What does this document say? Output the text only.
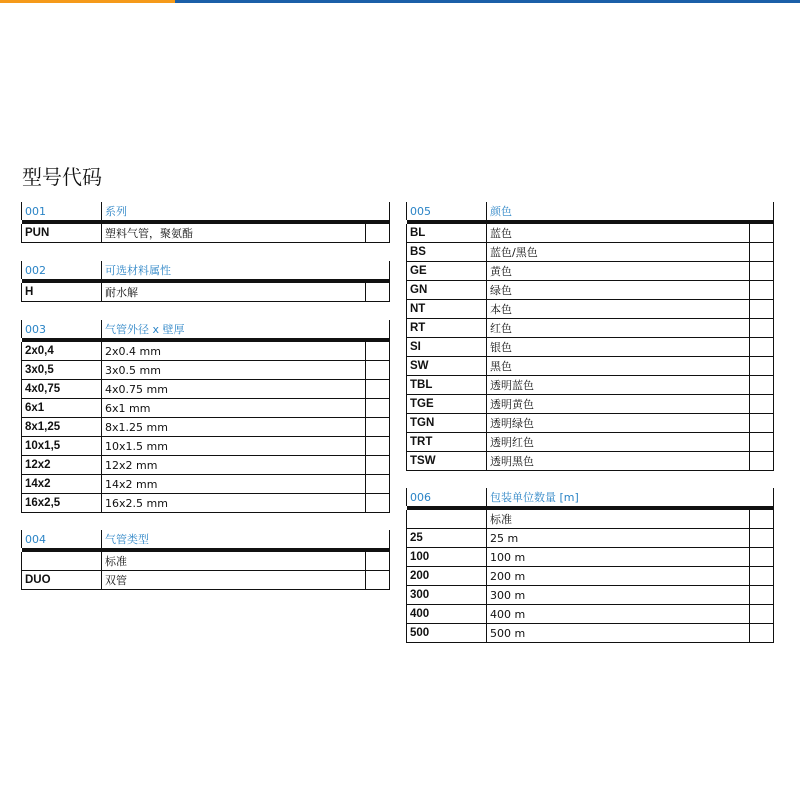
型号代码
001	系列	

PUN	塑料气管，聚氨酯	
002	可选材料属性	

H	耐水解	
003	气管外径 x 壁厚	

2x0,4	2x0.4 mm	
3x0,5	3x0.5 mm	
4x0,75	4x0.75 mm	
6x1	6x1 mm	
8x1,25	8x1.25 mm	
10x1,5	10x1.5 mm	
12x2	12x2 mm	
14x2	14x2 mm	
16x2,5	16x2.5 mm	
004	气管类型	

	标准	
DUO	双管	
005	颜色	

BL	蓝色	
BS	蓝色/黑色	
GE	黄色	
GN	绿色	
NT	本色	
RT	红色	
SI	银色	
SW	黑色	
TBL	透明蓝色	
TGE	透明黄色	
TGN	透明绿色	
TRT	透明红色	
TSW	透明黑色	
006	包装单位数量 [m]	

	标准	
25	25 m	
100	100 m	
200	200 m	
300	300 m	
400	400 m	
500	500 m	
